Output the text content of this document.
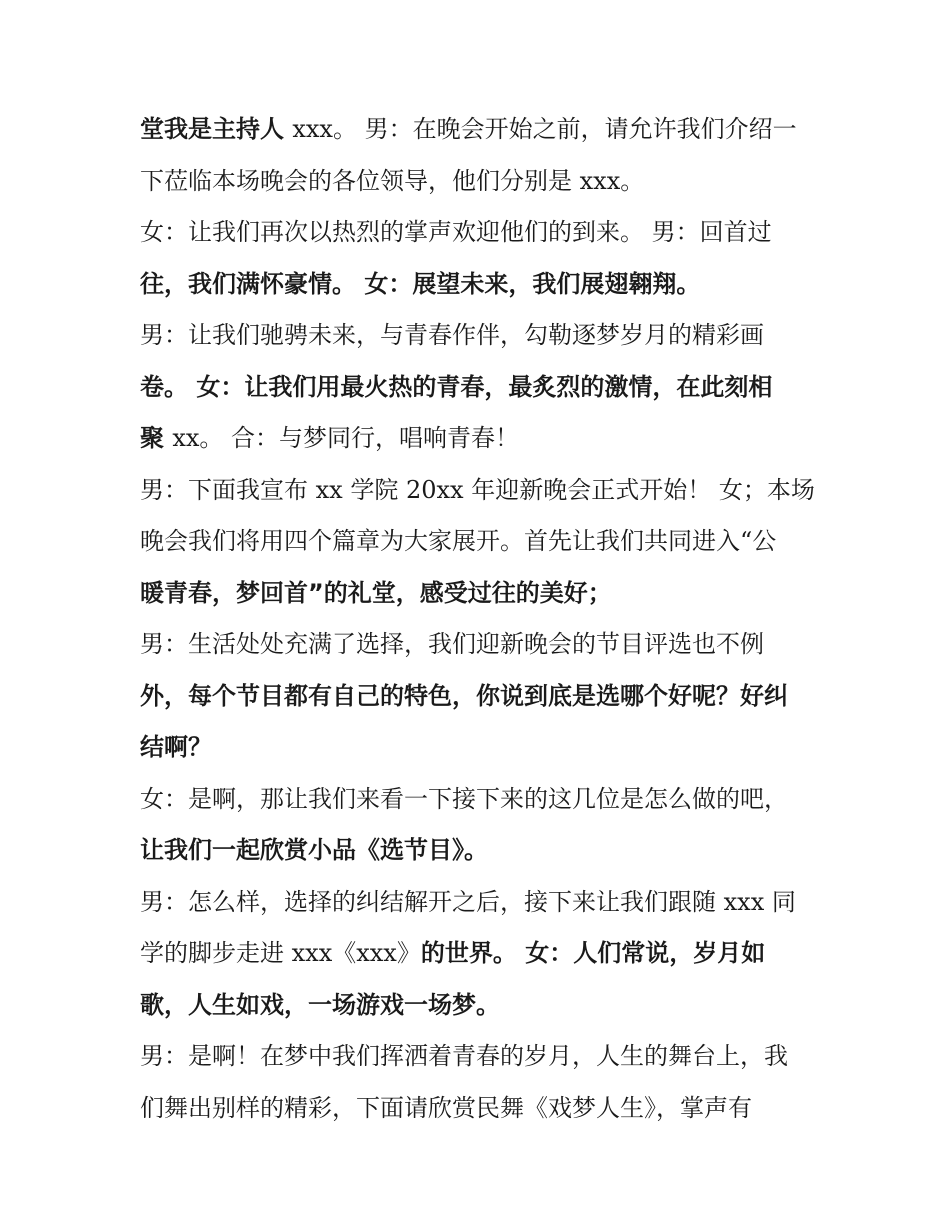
堂我是主持人 xxx。 男：在晚会开始之前，请允许我们介绍一
下莅临本场晚会的各位领导，他们分别是 xxx。
女：让我们再次以热烈的掌声欢迎他们的到来。 男：回首过
往，我们满怀豪情。 女：展望未来，我们展翅翱翔。
男：让我们驰骋未来，与青春作伴，勾勒逐梦岁月的精彩画
卷。 女：让我们用最火热的青春，最炙烈的激情，在此刻相
聚 xx。 合：与梦同行，唱响青春！
男：下面我宣布 xx 学院 20xx 年迎新晚会正式开始！ 女；本场
晚会我们将用四个篇章为大家展开。首先让我们共同进入“公
暖青春，梦回首”的礼堂，感受过往的美好；
男：生活处处充满了选择，我们迎新晚会的节目评选也不例
外，每个节目都有自己的特色，你说到底是选哪个好呢？好纠
结啊？
女：是啊，那让我们来看一下接下来的这几位是怎么做的吧，
让我们一起欣赏小品《选节目》。
男：怎么样，选择的纠结解开之后，接下来让我们跟随 xxx 同
学的脚步走进 xxx《xxx》的世界。 女：人们常说，岁月如
歌，人生如戏，一场游戏一场梦。
男：是啊！在梦中我们挥洒着青春的岁月，人生的舞台上，我
们舞出别样的精彩，下面请欣赏民舞《戏梦人生》，掌声有
